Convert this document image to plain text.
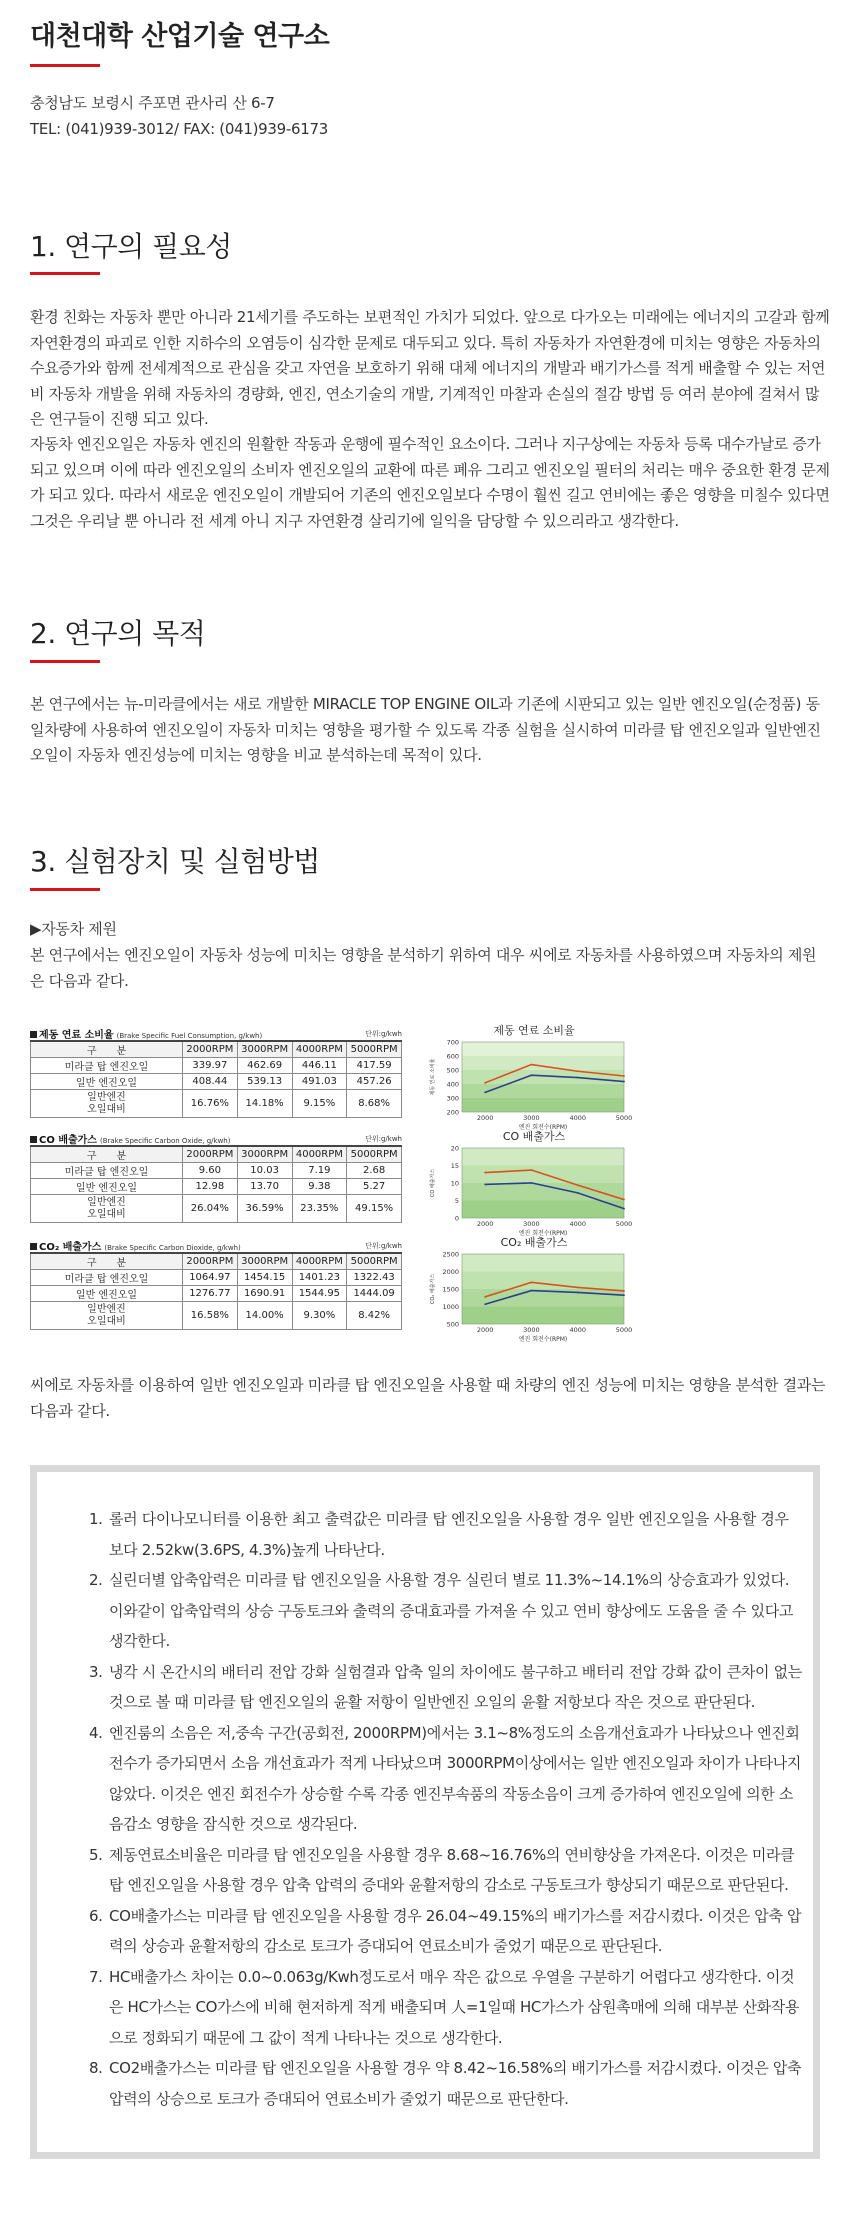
대천대학 산업기술 연구소
충청남도 보령시 주포면 관사리 산 6-7
TEL: (041)939-3012/ FAX: (041)939-6173
1. 연구의 필요성
환경 친화는 자동차 뿐만 아니라 21세기를 주도하는 보편적인 가치가 되었다. 앞으로 다가오는 미래에는 에너지의 고갈과 함께 자연환경의 파괴로 인한 지하수의 오염등이 심각한 문제로 대두되고 있다. 특히 자동차가 자연환경에 미치는 영향은 자동차의 수요증가와 함께 전세계적으로 관심을 갖고 자연을 보호하기 위해 대체 에너지의 개발과 배기가스를 적게 배출할 수 있는 저연비 자동차 개발을 위해 자동차의 경량화, 엔진, 연소기술의 개발, 기계적인 마찰과 손실의 절감 방법 등 여러 분야에 걸쳐서 많은 연구들이 진행 되고 있다.
자동차 엔진오일은 자동차 엔진의 원활한 작동과 운행에 필수적인 요소이다. 그러나 지구상에는 자동차 등록 대수가날로 증가되고 있으며 이에 따라 엔진오일의 소비자 엔진오일의 교환에 따른 폐유 그리고 엔진오일 필터의 처리는 매우 중요한 환경 문제가 되고 있다. 따라서 새로운 엔진오일이 개발되어 기존의 엔진오일보다 수명이 훨씬 길고 연비에는 좋은 영향을 미칠수 있다면 그것은 우리날 뿐 아니라 전 세계 아니 지구 자연환경 살리기에 일익을 담당할 수 있으리라고 생각한다.
2. 연구의 목적
본 연구에서는 뉴-미라클에서는 새로 개발한 MIRACLE TOP ENGINE OIL과 기존에 시판되고 있는 일반 엔진오일(순정품) 동일차량에 사용하여 엔진오일이 자동차 미치는 영향을 평가할 수 있도록 각종 실험을 실시하여 미라클 탑 엔진오일과 일반엔진오일이 자동차 엔진성능에 미치는 영향을 비교 분석하는데 목적이 있다.
3. 실험장치 및 실험방법
▶자동차 제원
본 연구에서는 엔진오일이 자동차 성능에 미치는 영향을 분석하기 위하여 대우 씨에로 자동차를 사용하였으며 자동차의 제원은 다음과 같다.
제동 연료 소비율 (Brake Specific Fuel Consumption, g/kwh)	단위:g/kwh
구　　분	2000RPM	3000RPM	4000RPM	5000RPM
미라클 탑 엔진오일	339.97	462.69	446.11	417.59
일반 엔진오일	408.44	539.13	491.03	457.26
일반엔진
오일대비	16.76%	14.18%	9.15%	8.68%
CO 배출가스 (Brake Specific Carbon Oxide, g/kwh)	단위:g/kwh
구　　분	2000RPM	3000RPM	4000RPM	5000RPM
미라클 탑 엔진오일	9.60	10.03	7.19	2.68
일반 엔진오일	12.98	13.70	9.38	5.27
일반엔진
오일대비	26.04%	36.59%	23.35%	49.15%
CO₂ 배출가스 (Brake Specific Carbon Dioxide, g/kwh)	단위:g/kwh
구　　분	2000RPM	3000RPM	4000RPM	5000RPM
미라클 탑 엔진오일	1064.97	1454.15	1401.23	1322.43
일반 엔진오일	1276.77	1690.91	1544.95	1444.09
일반엔진
오일대비	16.58%	14.00%	9.30%	8.42%
제동 연료 소비율
200
300
400
500
600
700
2000	3000	4000	5000
엔진 회전수(RPM)
제동 연료 소비율
CO 배출가스
0
5
10
15
20
2000	3000	4000	5000
엔진 회전수(RPM)
CO 배출가스
CO₂ 배출가스
500
1000
1500
2000
2500
2000	3000	4000	5000
엔진 회전수(RPM)
CO₂ 배출가스
씨에로 자동차를 이용하여 일반 엔진오일과 미라클 탑 엔진오일을 사용할 때 차량의 엔진 성능에 미치는 영향을 분석한 결과는 다음과 같다.
1. 롤러 다이나모니터를 이용한 최고 출력값은 미라클 탑 엔진오일을 사용할 경우 일반 엔진오일을 사용할 경우 보다 2.52kw(3.6PS, 4.3%)높게 나타난다.
2. 실린더별 압축압력은 미라클 탑 엔진오일을 사용할 경우 실린더 별로 11.3%~14.1%의 상승효과가 있었다. 이와같이 압축압력의 상승 구동토크와 출력의 증대효과를 가져올 수 있고 연비 향상에도 도움을 줄 수 있다고 생각한다.
3. 냉각 시 온간시의 배터리 전압 강화 실험결과 압축 일의 차이에도 불구하고 배터리 전압 강화 값이 큰차이 없는 것으로 볼 때 미라클 탑 엔진오일의 윤활 저항이 일반엔진 오일의 윤활 저항보다 작은 것으로 판단된다.
4. 엔진룸의 소음은 저,중속 구간(공회전, 2000RPM)에서는 3.1~8%정도의 소음개선효과가 나타났으나 엔진회전수가 증가되면서 소음 개선효과가 적게 나타났으며 3000RPM이상에서는 일반 엔진오일과 차이가 나타나지 않았다. 이것은 엔진 회전수가 상승할 수록 각종 엔진부속품의 작동소음이 크게 증가하여 엔진오일에 의한 소음감소 영향을 잠식한 것으로 생각된다.
5. 제동연료소비율은 미라클 탑 엔진오일을 사용할 경우 8.68~16.76%의 연비향상을 가져온다. 이것은 미라클 탑 엔진오일을 사용할 경우 압축 압력의 증대와 윤활저항의 감소로 구동토크가 향상되기 때문으로 판단된다.
6. CO배출가스는 미라클 탑 엔진오일을 사용할 경우 26.04~49.15%의 배기가스를 저감시켰다. 이것은 압축 압력의 상승과 윤활저항의 감소로 토크가 증대되어 연료소비가 줄었기 때문으로 판단된다.
7. HC배출가스 차이는 0.0~0.063g/Kwh정도로서 매우 작은 값으로 우열을 구분하기 어렵다고 생각한다. 이것은 HC가스는 CO가스에 비해 현저하게 적게 배출되며 人=1일때 HC가스가 삼원촉매에 의해 대부분 산화작용으로 정화되기 때문에 그 값이 적게 나타나는 것으로 생각한다.
8. CO2배출가스는 미라클 탑 엔진오일을 사용할 경우 약 8.42~16.58%의 배기가스를 저감시켰다. 이것은 압축 압력의 상승으로 토크가 증대되어 연료소비가 줄었기 때문으로 판단한다.
